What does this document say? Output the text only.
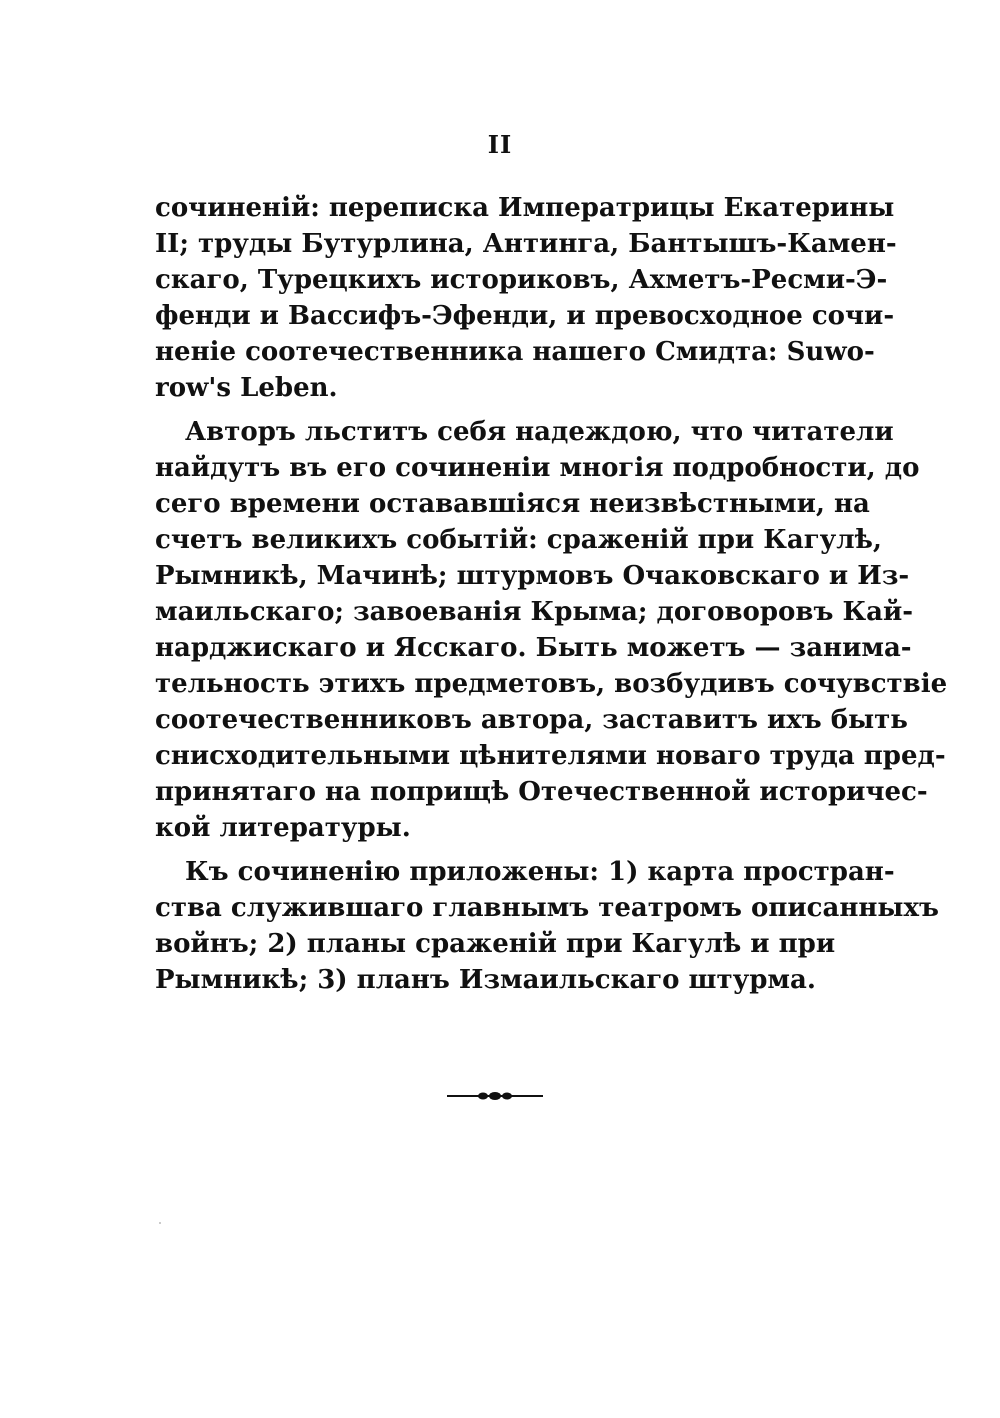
II
сочиненій: переписка Императрицы Екатерины
II; труды Бутурлина, Антинга, Бантышъ-Камен-
скаго, Турецкихъ историковъ, Ахметъ-Ресми-Э-
фенди и Вассифъ-Эфенди, и превосходное сочи-
неніе соотечественника нашего Смидта: Suwo-
row's Leben.
Авторъ льститъ себя надеждою, что читатели
найдутъ въ его сочиненіи многія подробности, до
сего времени остававшіяся неизвѣстными, на
счетъ великихъ событій: сраженій при Кагулѣ,
Рымникѣ, Мачинѣ; штурмовъ Очаковскаго и Из-
маильскаго; завоеванія Крыма; договоровъ Кай-
нарджискаго и Ясскаго. Быть можетъ — занима-
тельность этихъ предметовъ, возбудивъ сочувствіе
соотечественниковъ автора, заставитъ ихъ быть
снисходительными цѣнителями новаго труда пред-
принятаго на поприщѣ Отечественной историчес-
кой литературы.
Къ сочиненію приложены: 1) карта простран-
ства служившаго главнымъ театромъ описанныхъ
войнъ; 2) планы сраженій при Кагулѣ и при
Рымникѣ; 3) планъ Измаильскаго штурма.
